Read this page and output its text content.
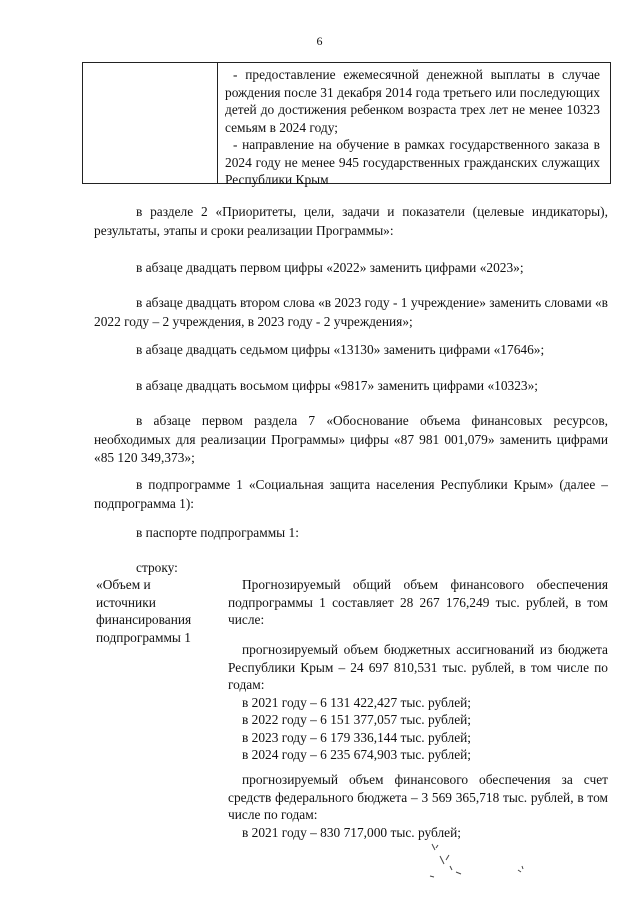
6

- предоставление ежемесячной денежной выплаты в случае рождения после 31 декабря 2014 года третьего или последующих детей до достижения ребенком возраста трех лет не менее 10323 семьям в 2024 году;

- направление на обучение в рамках государственного заказа в 2024 году не менее 945 государственных гражданских служащих Республики Крым

в разделе 2 «Приоритеты, цели, задачи и показатели (целевые индикаторы), результаты, этапы и сроки реализации Программы»:

в абзаце двадцать первом цифры «2022» заменить цифрами «2023»;

в абзаце двадцать втором слова «в 2023 году - 1 учреждение» заменить словами «в 2022 году – 2 учреждения, в 2023 году - 2 учреждения»;

в абзаце двадцать седьмом цифры «13130» заменить цифрами «17646»;

в абзаце двадцать восьмом цифры «9817» заменить цифрами «10323»;

в абзаце первом раздела 7 «Обоснование объема финансовых ресурсов, необходимых для реализации Программы» цифры «87 981 001,079» заменить цифрами «85 120 349,373»;

в подпрограмме 1 «Социальная защита населения Республики Крым» (далее – подпрограмма 1):

в паспорте подпрограммы 1:

строку:

«Объем и
источники
финансирования
подпрограммы 1

Прогнозируемый общий объем финансового обеспечения подпрограммы 1 составляет 28 267 176,249 тыс. рублей, в том числе:

прогнозируемый объем бюджетных ассигнований из бюджета Республики Крым – 24 697 810,531 тыс. рублей, в том числе по годам:

в 2021 году – 6 131 422,427 тыс. рублей;

в 2022 году – 6 151 377,057 тыс. рублей;

в 2023 году – 6 179 336,144 тыс. рублей;

в 2024 году – 6 235 674,903 тыс. рублей;

прогнозируемый объем финансового обеспечения за счет средств федерального бюджета – 3 569 365,718 тыс. рублей, в том числе по годам:

в 2021 году – 830 717,000 тыс. рублей;
